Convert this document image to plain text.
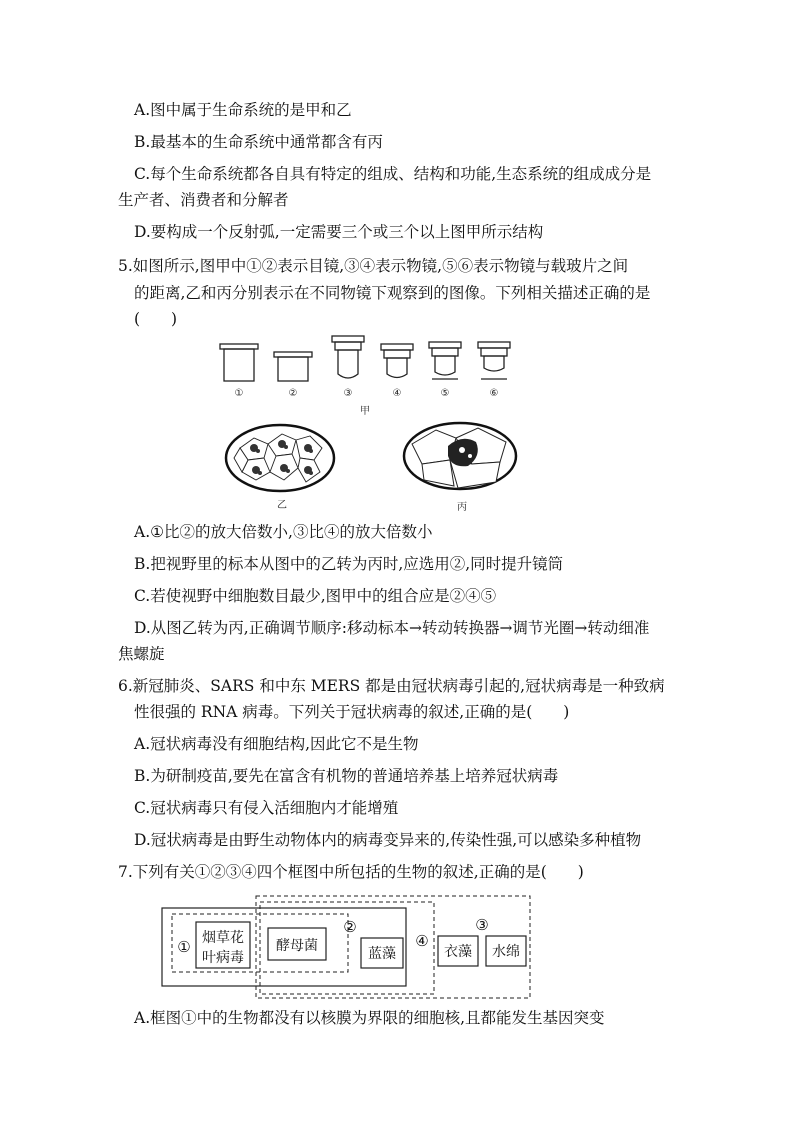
A.图中属于生命系统的是甲和乙
B.最基本的生命系统中通常都含有丙
C.每个生命系统都各自具有特定的组成、结构和功能,生态系统的组成成分是
生产者、消费者和分解者
D.要构成一个反射弧,一定需要三个或三个以上图甲所示结构
5.如图所示,图甲中①②表示目镜,③④表示物镜,⑤⑥表示物镜与载玻片之间
的距离,乙和丙分别表示在不同物镜下观察到的图像。下列相关描述正确的是
(　　)
①	②	③	④	⑤	⑥
甲
乙	丙
A.①比②的放大倍数小,③比④的放大倍数小
B.把视野里的标本从图中的乙转为丙时,应选用②,同时提升镜筒
C.若使视野中细胞数目最少,图甲中的组合应是②④⑤
D.从图乙转为丙,正确调节顺序:移动标本→转动转换器→调节光圈→转动细准
焦螺旋
6.新冠肺炎、SARS 和中东 MERS 都是由冠状病毒引起的,冠状病毒是一种致病
性很强的 RNA 病毒。下列关于冠状病毒的叙述,正确的是(　　)
A.冠状病毒没有细胞结构,因此它不是生物
B.为研制疫苗,要先在富含有机物的普通培养基上培养冠状病毒
C.冠状病毒只有侵入活细胞内才能增殖
D.冠状病毒是由野生动物体内的病毒变异来的,传染性强,可以感染多种植物
7.下列有关①②③④四个框图中所包括的生物的叙述,正确的是(　　)
①
②	③
④
烟草花
叶病毒
酵母菌	蓝藻	衣藻 水绵
A.框图①中的生物都没有以核膜为界限的细胞核,且都能发生基因突变
